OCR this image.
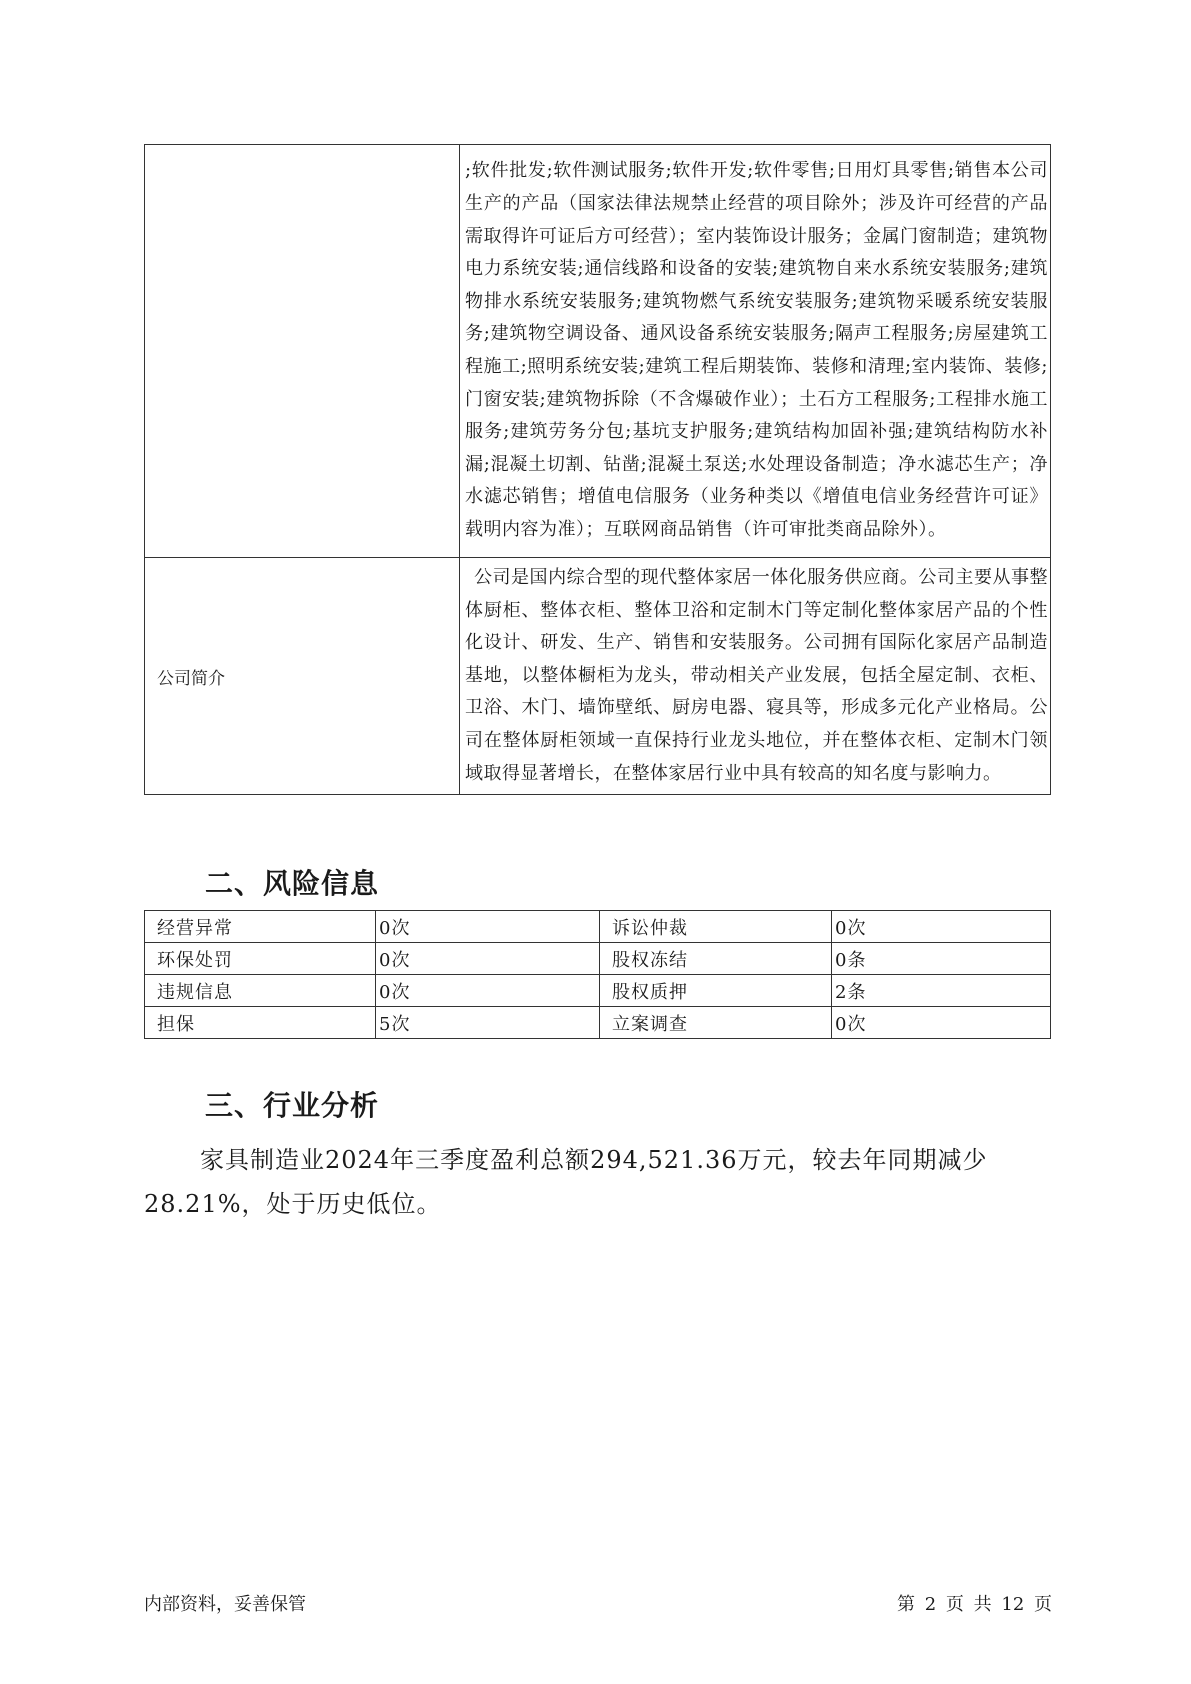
	;软件批发;软件测试服务;软件开发;软件零售;日用灯具零售;销售本公司生产的产品（国家法律法规禁止经营的项目除外；涉及许可经营的产品需取得许可证后方可经营）；室内装饰设计服务；金属门窗制造；建筑物电力系统安装;通信线路和设备的安装;建筑物自来水系统安装服务;建筑物排水系统安装服务;建筑物燃气系统安装服务;建筑物采暖系统安装服务;建筑物空调设备、通风设备系统安装服务;隔声工程服务;房屋建筑工程施工;照明系统安装;建筑工程后期装饰、装修和清理;室内装饰、装修;门窗安装;建筑物拆除（不含爆破作业）；土石方工程服务;工程排水施工服务;建筑劳务分包;基坑支护服务;建筑结构加固补强;建筑结构防水补漏;混凝土切割、钻凿;混凝土泵送;水处理设备制造；净水滤芯生产；净水滤芯销售；增值电信服务（业务种类以《增值电信业务经营许可证》载明内容为准）；互联网商品销售（许可审批类商品除外）。
公司简介	公司是国内综合型的现代整体家居一体化服务供应商。公司主要从事整体厨柜、整体衣柜、整体卫浴和定制木门等定制化整体家居产品的个性化设计、研发、生产、销售和安装服务。公司拥有国际化家居产品制造基地，以整体橱柜为龙头，带动相关产业发展，包括全屋定制、衣柜、卫浴、木门、墙饰壁纸、厨房电器、寝具等，形成多元化产业格局。公司在整体厨柜领域一直保持行业龙头地位，并在整体衣柜、定制木门领域取得显著增长，在整体家居行业中具有较高的知名度与影响力。
二、风险信息
经营异常	0次	诉讼仲裁	0次
环保处罚	0次	股权冻结	0条
违规信息	0次	股权质押	2条
担保	5次	立案调查	0次
三、行业分析

家具制造业2024年三季度盈利总额294,521.36万元，较去年同期减少28.21%，处于历史低位。

内部资料，妥善保管	第 2 页 共 12 页
